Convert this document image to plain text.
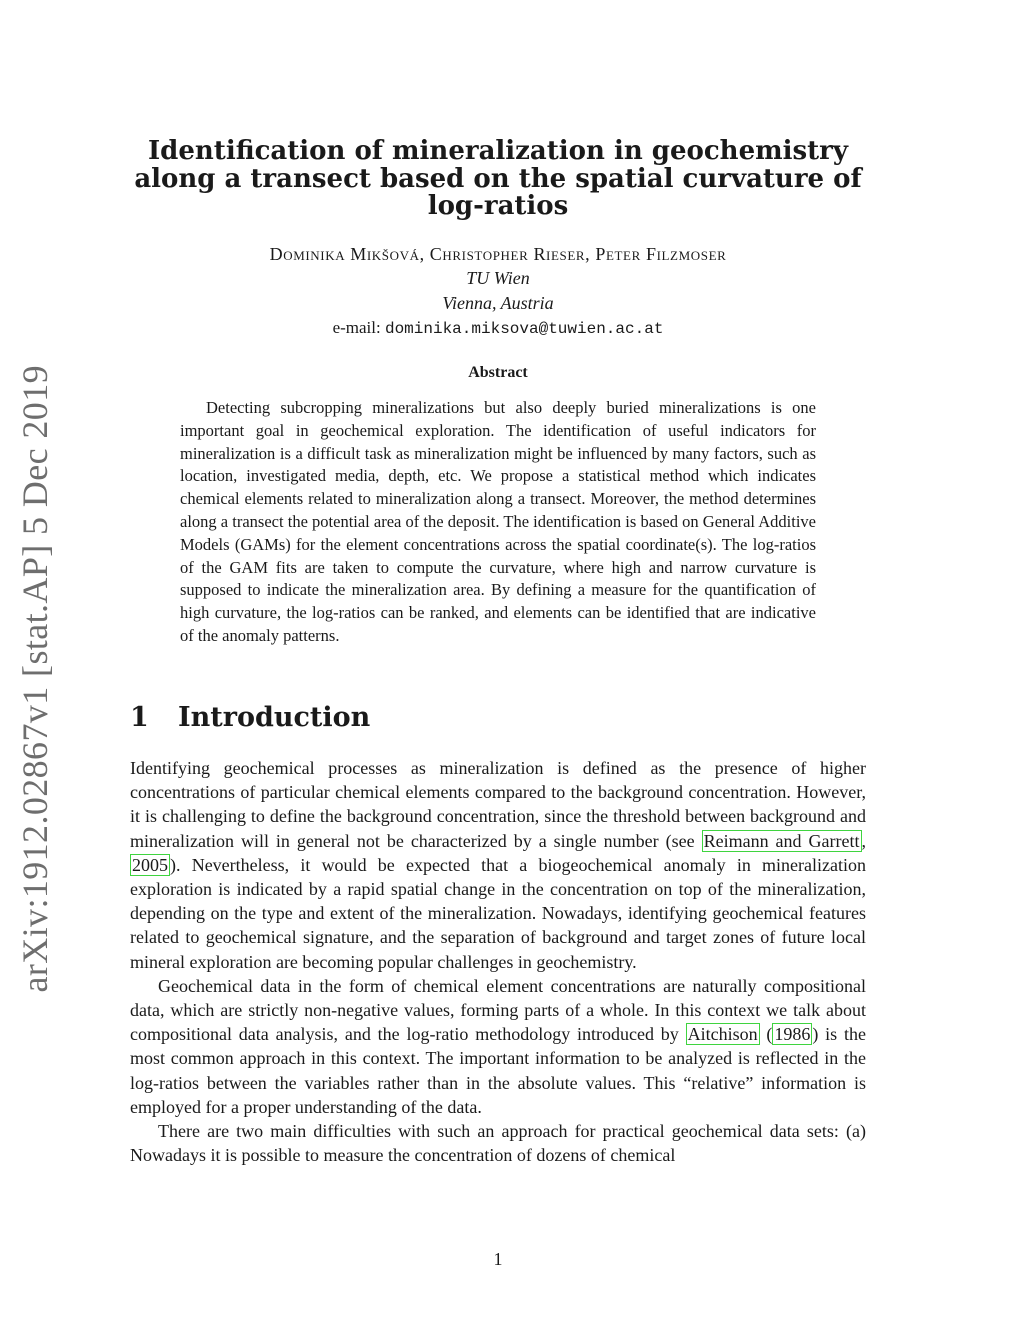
arXiv:1912.02867v1 [stat.AP] 5 Dec 2019
Identification of mineralization in geochemistry
along a transect based on the spatial curvature of
log-ratios
Dominika Mikšová, Christopher Rieser, Peter Filzmoser
TU Wien
Vienna, Austria
e-mail: dominika.miksova@tuwien.ac.at
Abstract
Detecting subcropping mineralizations but also deeply buried mineralizations is one important goal in geochemical exploration. The identification of useful indicators for mineralization is a difficult task as mineralization might be influenced by many factors, such as location, investigated media, depth, etc. We propose a statistical method which indicates chemical elements related to mineralization along a transect. Moreover, the method determines along a transect the potential area of the deposit. The identification is based on General Additive Models (GAMs) for the element concentrations across the spatial coordinate(s). The log-ratios of the GAM fits are taken to compute the curvature, where high and narrow curvature is supposed to indicate the mineralization area. By defining a measure for the quantification of high curvature, the log-ratios can be ranked, and elements can be identified that are indicative of the anomaly patterns.
1 Introduction

Identifying geochemical processes as mineralization is defined as the presence of higher concentrations of particular chemical elements compared to the background concentration. However, it is challenging to define the background concentration, since the threshold between background and mineralization will in general not be characterized by a single number (see Reimann and Garrett , 2005 ). Nevertheless, it would be expected that a biogeochemical anomaly in mineralization exploration is indicated by a rapid spatial change in the concentration on top of the mineralization, depending on the type and extent of the mineralization. Nowadays, identifying geochemical features related to geochemical signature, and the separation of background and target zones of future local mineral exploration are becoming popular challenges in geochemistry.

Geochemical data in the form of chemical element concentrations are naturally compositional data, which are strictly non-negative values, forming parts of a whole. In this context we talk about compositional data analysis, and the log-ratio methodology introduced by Aitchison ( 1986 ) is the most common approach in this context. The important information to be analyzed is reflected in the log-ratios between the variables rather than in the absolute values. This “relative” information is employed for a proper understanding of the data.

There are two main difficulties with such an approach for practical geochemical data sets: (a) Nowadays it is possible to measure the concentration of dozens of chemical

1
